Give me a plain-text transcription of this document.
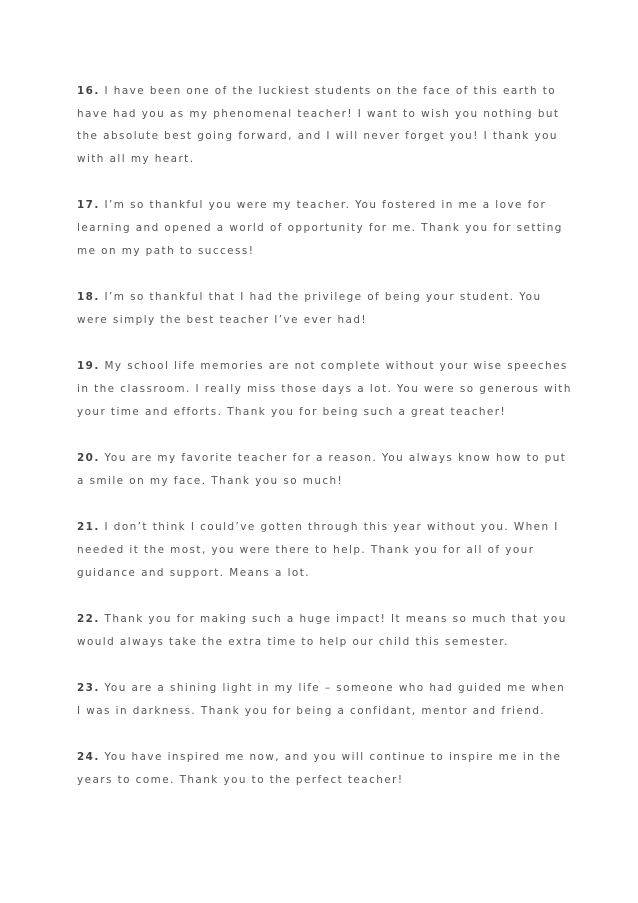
16. I have been one of the luckiest students on the face of this earth to
have had you as my phenomenal teacher! I want to wish you nothing but
the absolute best going forward, and I will never forget you! I thank you
with all my heart.
17. I’m so thankful you were my teacher. You fostered in me a love for
learning and opened a world of opportunity for me. Thank you for setting
me on my path to success!
18. I’m so thankful that I had the privilege of being your student. You
were simply the best teacher I’ve ever had!
19. My school life memories are not complete without your wise speeches
in the classroom. I really miss those days a lot. You were so generous with
your time and efforts. Thank you for being such a great teacher!
20. You are my favorite teacher for a reason. You always know how to put
a smile on my face. Thank you so much!
21. I don’t think I could’ve gotten through this year without you. When I
needed it the most, you were there to help. Thank you for all of your
guidance and support. Means a lot.
22. Thank you for making such a huge impact! It means so much that you
would always take the extra time to help our child this semester.
23. You are a shining light in my life – someone who had guided me when
I was in darkness. Thank you for being a confidant, mentor and friend.
24. You have inspired me now, and you will continue to inspire me in the
years to come. Thank you to the perfect teacher!
